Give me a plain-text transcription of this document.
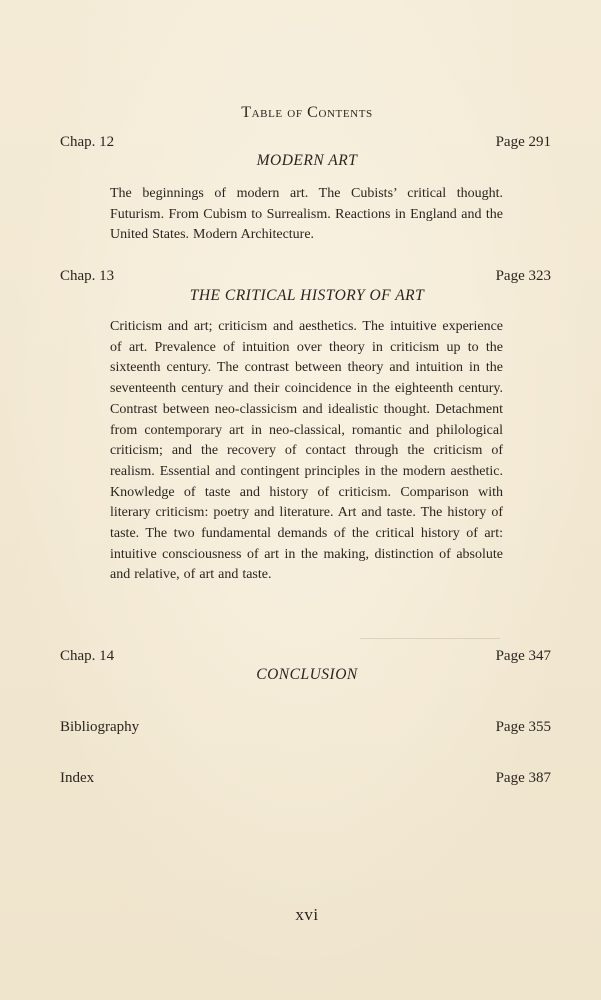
Table of Contents
Chap. 12	Page 291
MODERN ART
The beginnings of modern art. The Cubists’ critical thought. Futurism. From Cubism to Surrealism. Reactions in England and the United States. Modern Architecture.
Chap. 13	Page 323
THE CRITICAL HISTORY OF ART
Criticism and art; criticism and aesthetics. The intuitive experience of art. Prevalence of intuition over theory in criticism up to the sixteenth century. The contrast between theory and intuition in the seventeenth century and their coincidence in the eighteenth century. Contrast between neo-classicism and idealistic thought. Detachment from contemporary art in neo-classical, romantic and philological criticism; and the recovery of contact through the criticism of realism. Essential and contingent principles in the modern aesthetic. Knowledge of taste and history of criticism. Comparison with literary criticism: poetry and literature. Art and taste. The history of taste. The two fundamental demands of the critical history of art: intuitive consciousness of art in the making, distinction of absolute and relative, of art and taste.
Chap. 14	Page 347
CONCLUSION
Bibliography	Page 355
Index	Page 387
xvi
